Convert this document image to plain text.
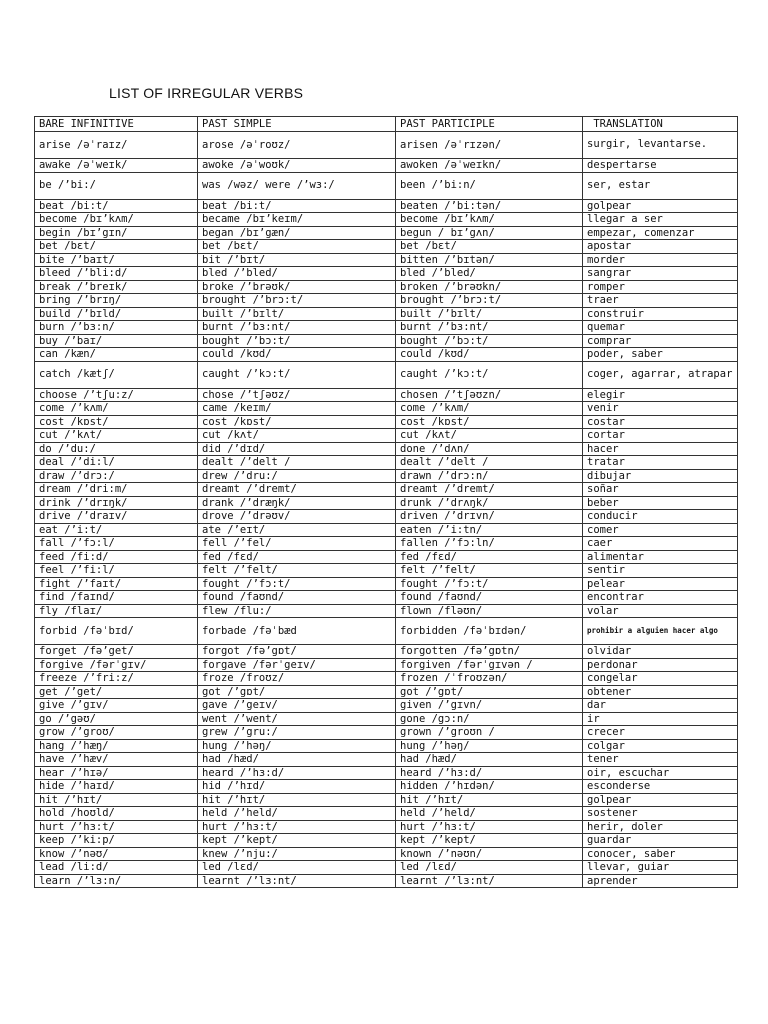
LIST OF IRREGULAR VERBS
BARE INFINITIVE	PAST SIMPLE	PAST PARTICIPLE	TRANSLATION
arise /əˈraɪz/	arose /əˈroʊz/	arisen /əˈrɪzən/	surgir, levantarse.
awake /əˈweɪk/	awoke /əˈwoʊk/	awoken /əˈweɪkn/	despertarse
be /’bi:/	was /wəz/ were /’wɜ:/	been /’bi:n/	ser, estar
beat /bi:t/	beat /bi:t/	beaten /’bi:tən/	golpear
become /bɪ’kʌm/	became /bɪ’keɪm/	become /bɪ’kʌm/	llegar a ser
begin /bɪ’gɪn/	began /bɪ’gæn/	begun / bɪ’gʌn/	empezar, comenzar
bet /bɛt/	bet /bɛt/	bet /bɛt/	apostar
bite /’baɪt/	bit /’bɪt/	bitten /’bɪtən/	morder
bleed /’bli:d/	bled /’bled/	bled /’bled/	sangrar
break /’breɪk/	broke /’brəʊk/	broken /’brəʊkn/	romper
bring /’brɪŋ/	brought /’brɔ:t/	brought /’brɔ:t/	traer
build /’bɪld/	built /’bɪlt/	built /’bɪlt/	construir
burn /’bɜ:n/	burnt /’bɜ:nt/	burnt /’bɜ:nt/	quemar
buy /’baɪ/	bought /’bɔ:t/	bought /’bɔ:t/	comprar
can /kæn/	could /kʊd/	could /kʊd/	poder, saber
catch /kætʃ/	caught /’kɔ:t/	caught /’kɔ:t/	coger, agarrar, atrapar
choose /’tʃu:z/	chose /’tʃəʊz/	chosen /’tʃəʊzn/	elegir
come /’kʌm/	came /keɪm/	come /’kʌm/	venir
cost /kɒst/	cost /kɒst/	cost /kɒst/	costar
cut /’kʌt/	cut /kʌt/	cut /kʌt/	cortar
do /’du:/	did /’dɪd/	done /’dʌn/	hacer
deal /’di:l/	dealt /’delt /	dealt /’delt /	tratar
draw /’drɔ:/	drew /’dru:/	drawn /’drɔ:n/	dibujar
dream /’dri:m/	dreamt /’dremt/	dreamt /’dremt/	soñar
drink /’drɪŋk/	drank /’dræŋk/	drunk /’drʌŋk/	beber
drive /’draɪv/	drove /’drəʊv/	driven /’drɪvn/	conducir
eat /’i:t/	ate /’eɪt/	eaten /’i:tn/	comer
fall /’fɔ:l/	fell /’fel/	fallen /’fɔ:ln/	caer
feed /fi:d/	fed /fɛd/	fed /fɛd/	alimentar
feel /’fi:l/	felt /’felt/	felt /’felt/	sentir
fight /’faɪt/	fought /’fɔ:t/	fought /’fɔ:t/	pelear
find /faɪnd/	found /faʊnd/	found /faʊnd/	encontrar
fly /flaɪ/	flew /flu:/	flown /fləʊn/	volar
forbid /fəˈbɪd/	forbade /fəˈbæd	forbidden /fəˈbɪdən/	prohibir a alguien hacer algo
forget /fə’get/	forgot /fə’gɒt/	forgotten /fə’gɒtn/	olvidar
forgive /fərˈgɪv/	forgave /fərˈgeɪv/	forgiven /fərˈgɪvən /	perdonar
freeze /’fri:z/	froze /froʊz/	frozen /ˈfroʊzən/	congelar
get /’get/	got /’gɒt/	got /’gɒt/	obtener
give /’gɪv/	gave /’geɪv/	given /’gɪvn/	dar
go /’gəʊ/	went /’went/	gone /gɔ:n/	ir
grow /’groʊ/	grew /’gru:/	grown /’groʊn /	crecer
hang /’hæŋ/	hung /’həŋ/	hung /’həŋ/	colgar
have /’hæv/	had /hæd/	had /hæd/	tener
hear /’hɪə/	heard /’hɜ:d/	heard /’hɜ:d/	oir, escuchar
hide /’haɪd/	hid /’hɪd/	hidden /’hɪdən/	esconderse
hit /’hɪt/	hit /’hɪt/	hit /’hɪt/	golpear
hold /hoʊld/	held /’held/	held /’held/	sostener
hurt /’hɜ:t/	hurt /’hɜ:t/	hurt /’hɜ:t/	herir, doler
keep /’ki:p/	kept /’kept/	kept /’kept/	guardar
know /’nəʊ/	knew /’nju:/	known /’nəʊn/	conocer, saber
lead /li:d/	led /lɛd/	led /lɛd/	llevar, guiar
learn /’lɜ:n/	learnt /’lɜ:nt/	learnt /’lɜ:nt/	aprender
